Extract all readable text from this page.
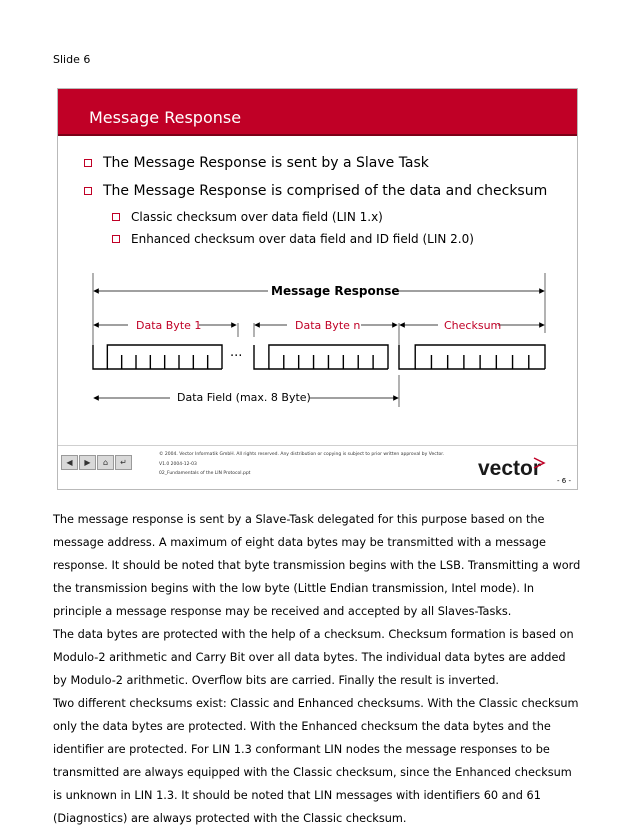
Slide 6
Message Response
The Message Response is sent by a Slave Task
The Message Response is comprised of the data and checksum
Classic checksum over data field (LIN 1.x)
Enhanced checksum over data field and ID field (LIN 2.0)
Message Response
Data Byte 1	Data Byte n	Checksum
...
Data Field (max. 8 Byte)
◀	▶	⌂	↵
© 2004. Vector Informatik GmbH. All rights reserved. Any distribution or copying is subject to prior written approval by Vector.
V1.0 2004-12-03
02_Fundamentals of the LIN Protocol.ppt	vector
- 6 -
The message response is sent by a Slave-Task delegated for this purpose based on the message address. A maximum of eight data bytes may be transmitted with a message response. It should be noted that byte transmission begins with the LSB. Transmitting a word the transmission begins with the low byte (Little Endian transmission, Intel mode). In principle a message response may be received and accepted by all Slaves-Tasks.
The data bytes are protected with the help of a checksum. Checksum formation is based on Modulo-2 arithmetic and Carry Bit over all data bytes. The individual data bytes are added by Modulo-2 arithmetic. Overflow bits are carried. Finally the result is inverted.
Two different checksums exist: Classic and Enhanced checksums. With the Classic checksum only the data bytes are protected. With the Enhanced checksum the data bytes and the identifier are protected. For LIN 1.3 conformant LIN nodes the message responses to be transmitted are always equipped with the Classic checksum, since the Enhanced checksum is unknown in LIN 1.3. It should be noted that LIN messages with identifiers 60 and 61 (Diagnostics) are always protected with the Classic checksum.
